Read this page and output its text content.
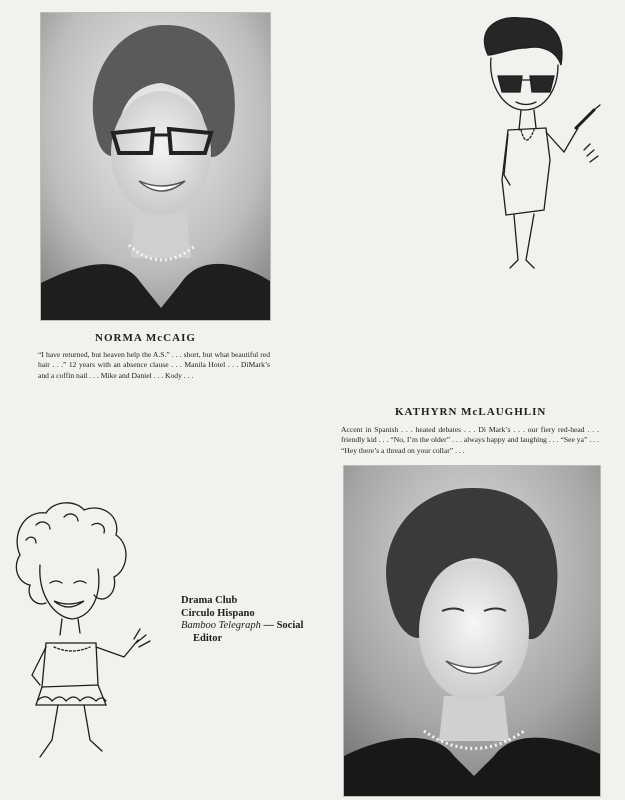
NORMA McCAIG
“I have returned, but heaven help the A.S.” . . . short, but what beautiful red hair . . .” 12 years with an absence clause . . . Manila Hotel . . . DiMark’s and a coffin nail . . . Mike and Daniel . . . Kody . . .
KATHYRN McLAUGHLIN
Accent in Spanish . . . heated debates . . . Di Mark’s . . . our fiery red-head . . . friendly kid . . . “No, I’m the older” . . . always happy and laughing . . . “See ya” . . . “Hey there’s a thread on your collar” . . .
Drama Club
Circulo Hispano
Bamboo Telegraph — Social
Editor
